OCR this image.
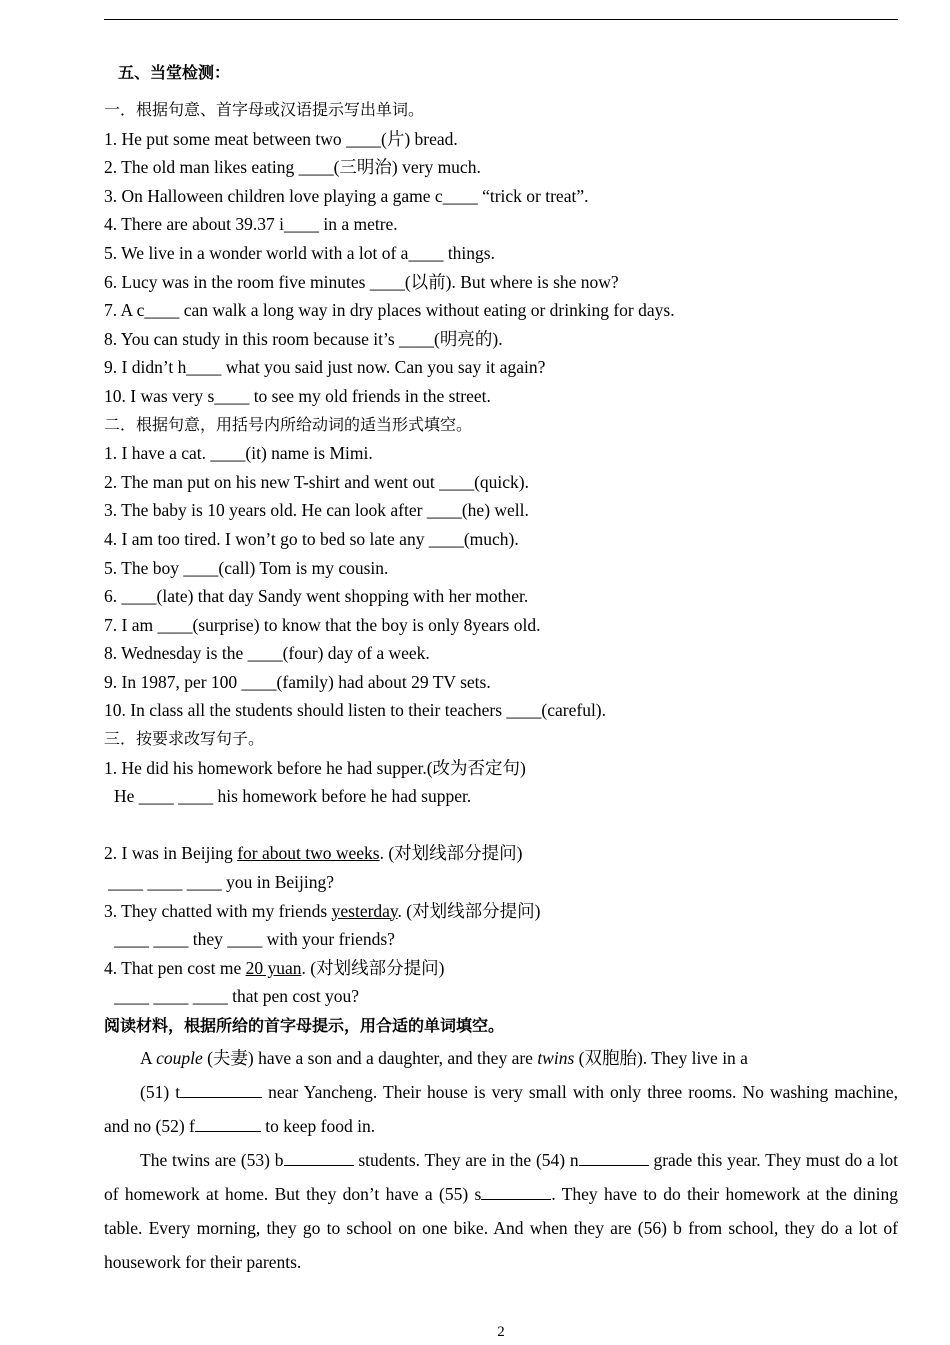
五、当堂检测：
一．根据句意、首字母或汉语提示写出单词。
1. He put some meat between two ____(片) bread.
2. The old man likes eating ____(三明治) very much.
3. On Halloween children love playing a game c____ “trick or treat”.
4. There are about 39.37 i____ in a metre.
5. We live in a wonder world with a lot of a____ things.
6. Lucy was in the room five minutes ____(以前). But where is she now?
7. A c____ can walk a long way in dry places without eating or drinking for days.
8. You can study in this room because it’s ____(明亮的).
9. I didn’t h____ what you said just now. Can you say it again?
10. I was very s____ to see my old friends in the street.
二．根据句意，用括号内所给动词的适当形式填空。
1. I have a cat. ____(it) name is Mimi.
2. The man put on his new T-shirt and went out ____(quick).
3. The baby is 10 years old. He can look after ____(he) well.
4. I am too tired. I won’t go to bed so late any ____(much).
5. The boy ____(call) Tom is my cousin.
6. ____(late) that day Sandy went shopping with her mother.
7. I am ____(surprise) to know that the boy is only 8years old.
8. Wednesday is the ____(four) day of a week.
9. In 1987, per 100 ____(family) had about 29 TV sets.
10. In class all the students should listen to their teachers ____(careful).
三．按要求改写句子。
1. He did his homework before he had supper.(改为否定句)
He ____ ____ his homework before he had supper.
2. I was in Beijing for about two weeks. (对划线部分提问)
____ ____ ____ you in Beijing?
3. They chatted with my friends yesterday. (对划线部分提问)
____ ____ they ____ with your friends?
4. That pen cost me 20 yuan. (对划线部分提问)
____ ____ ____ that pen cost you?
阅读材料，根据所给的首字母提示，用合适的单词填空。
A couple (夫妻) have a son and a daughter, and they are twins (双胞胎). They live in a
(51) t	near Yancheng. Their house is very small with only three rooms. No washing machine, and no (52) f	to keep food in.
The twins are (53) b	students. They are in the (54) n	grade this year. They must do a lot of homework at home. But they don’t have a (55) s	. They have to do their homework at the dining table. Every morning, they go to school on one bike. And when they are (56) b from school, they do a lot of housework for their parents.
2
